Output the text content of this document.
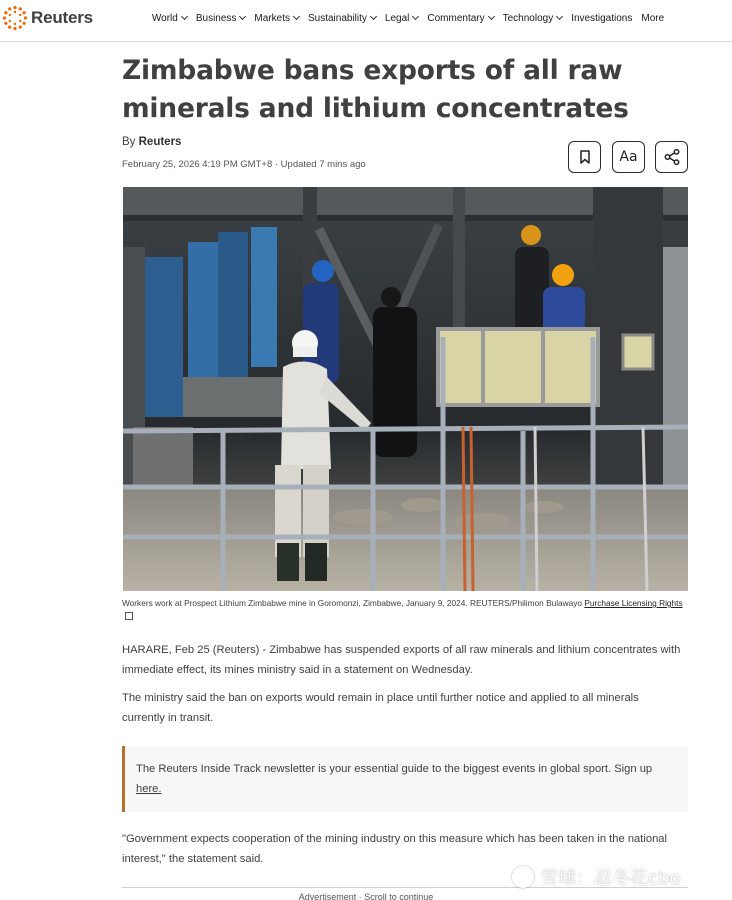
Reuters	World Business Markets Sustainability Legal Commentary Technology Investigations More
Zimbabwe bans exports of all raw minerals and lithium concentrates
By Reuters
February 25, 2026 4:19 PM GMT+8 · Updated 7 mins ago	Aa
Workers work at Prospect Lithium Zimbabwe mine in Goromonzi, Zimbabwe, January 9, 2024. REUTERS/Philimon Bulawayo Purchase Licensing Rights

HARARE, Feb 25 (Reuters) - Zimbabwe has suspended exports of all raw minerals and lithium concentrates with immediate effect, its mines ministry said in a statement on Wednesday.

The ministry said the ban on exports would remain in place until further notice and applied to all minerals currently in transit.

The Reuters Inside Track newsletter is your essential guide to the biggest events in global sport. Sign up here.

"Government expects cooperation of the mining industry on this measure which has been taken in the national interest," the statement said.

Advertisement · Scroll to continue
雪球：忍冬花cbo
